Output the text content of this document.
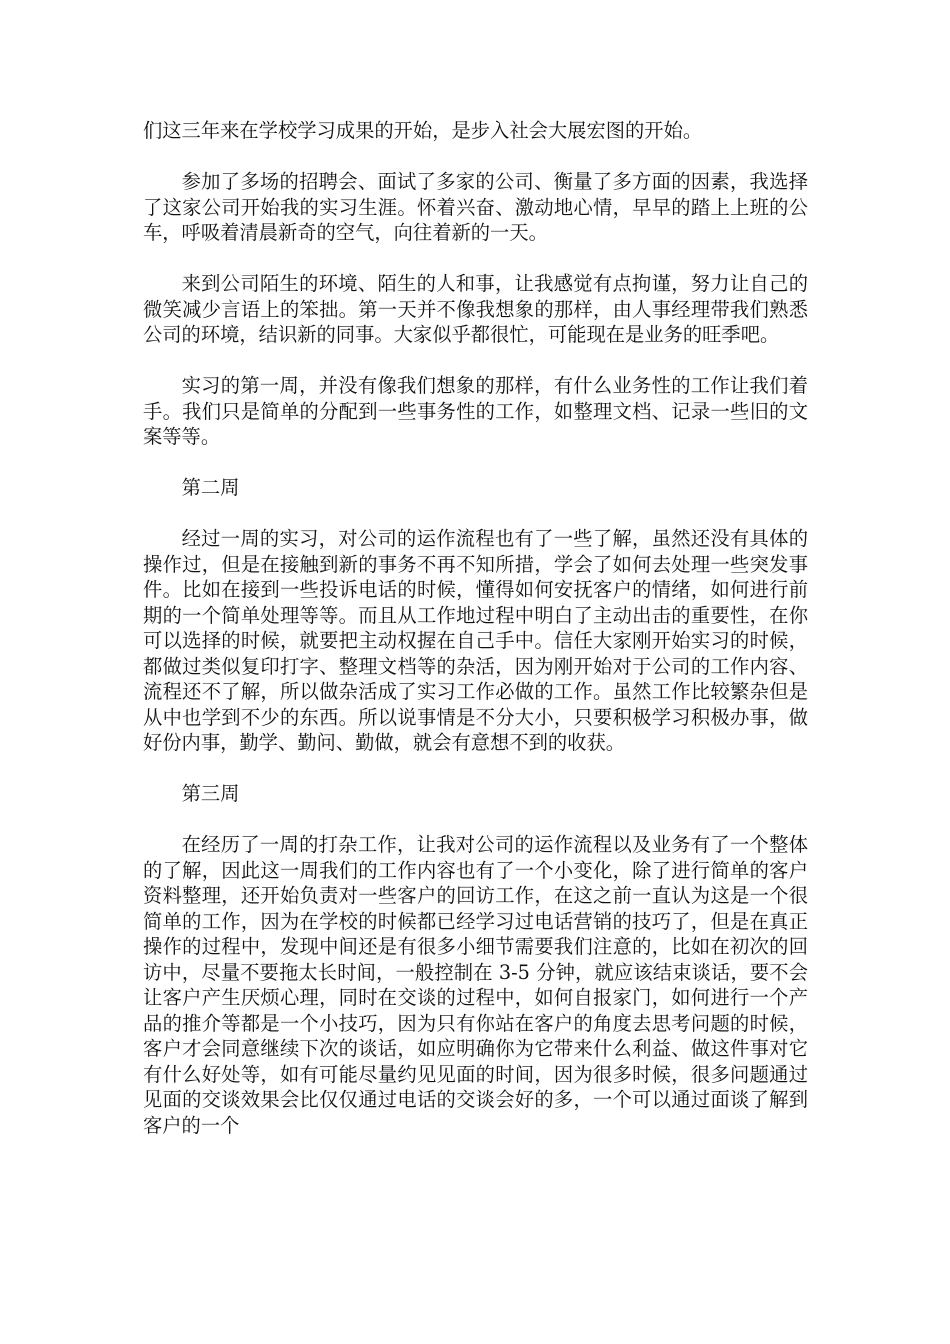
们这三年来在学校学习成果的开始，是步入社会大展宏图的开始。

参加了多场的招聘会、面试了多家的公司、衡量了多方面的因素，我选择了这家公司开始我的实习生涯。怀着兴奋、激动地心情，早早的踏上上班的公车，呼吸着清晨新奇的空气，向往着新的一天。

来到公司陌生的环境、陌生的人和事，让我感觉有点拘谨，努力让自己的微笑减少言语上的笨拙。第一天并不像我想象的那样，由人事经理带我们熟悉公司的环境，结识新的同事。大家似乎都很忙，可能现在是业务的旺季吧。

实习的第一周，并没有像我们想象的那样，有什么业务性的工作让我们着手。我们只是简单的分配到一些事务性的工作，如整理文档、记录一些旧的文案等等。

第二周

经过一周的实习，对公司的运作流程也有了一些了解，虽然还没有具体的操作过，但是在接触到新的事务不再不知所措，学会了如何去处理一些突发事件。比如在接到一些投诉电话的时候，懂得如何安抚客户的情绪，如何进行前期的一个简单处理等等。而且从工作地过程中明白了主动出击的重要性，在你可以选择的时候，就要把主动权握在自己手中。信任大家刚开始实习的时候，都做过类似复印打字、整理文档等的杂活，因为刚开始对于公司的工作内容、流程还不了解，所以做杂活成了实习工作必做的工作。虽然工作比较繁杂但是从中也学到不少的东西。所以说事情是不分大小，只要积极学习积极办事，做好份内事，勤学、勤问、勤做，就会有意想不到的收获。

第三周

在经历了一周的打杂工作，让我对公司的运作流程以及业务有了一个整体的了解，因此这一周我们的工作内容也有了一个小变化，除了进行简单的客户资料整理，还开始负责对一些客户的回访工作，在这之前一直认为这是一个很简单的工作，因为在学校的时候都已经学习过电话营销的技巧了，但是在真正操作的过程中，发现中间还是有很多小细节需要我们注意的，比如在初次的回访中，尽量不要拖太长时间，一般控制在 3-5 分钟，就应该结束谈话，要不会让客户产生厌烦心理，同时在交谈的过程中，如何自报家门，如何进行一个产品的推介等都是一个小技巧，因为只有你站在客户的角度去思考问题的时候，客户才会同意继续下次的谈话，如应明确你为它带来什么利益、做这件事对它有什么好处等，如有可能尽量约见见面的时间，因为很多时候，很多问题通过见面的交谈效果会比仅仅通过电话的交谈会好的多，一个可以通过面谈了解到客户的一个
